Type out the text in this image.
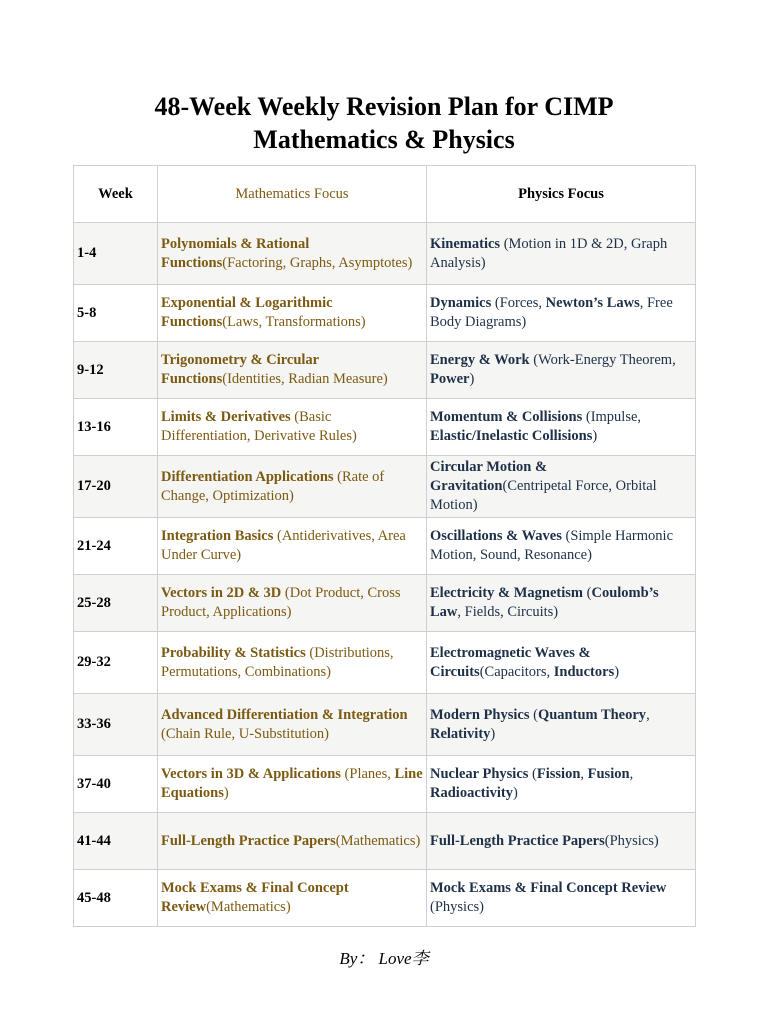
48-Week Weekly Revision Plan for CIMP
Mathematics & Physics
Week	Mathematics Focus	Physics Focus
1-4	Polynomials & Rational Functions(Factoring, Graphs, Asymptotes)	Kinematics (Motion in 1D & 2D, Graph Analysis)
5-8	Exponential & Logarithmic Functions(Laws, Transformations)	Dynamics (Forces, Newton’s Laws, Free Body Diagrams)
9-12	Trigonometry & Circular Functions(Identities, Radian Measure)	Energy & Work (Work-Energy Theorem, Power)
13-16	Limits & Derivatives (Basic Differentiation, Derivative Rules)	Momentum & Collisions (Impulse, Elastic/Inelastic Collisions)
17-20	Differentiation Applications (Rate of Change, Optimization)	Circular Motion & Gravitation(Centripetal Force, Orbital Motion)
21-24	Integration Basics (Antiderivatives, Area Under Curve)	Oscillations & Waves (Simple Harmonic Motion, Sound, Resonance)
25-28	Vectors in 2D & 3D (Dot Product, Cross Product, Applications)	Electricity & Magnetism (Coulomb’s Law, Fields, Circuits)
29-32	Probability & Statistics (Distributions, Permutations, Combinations)	Electromagnetic Waves & Circuits(Capacitors, Inductors)
33-36	Advanced Differentiation & Integration (Chain Rule, U-Substitution)	Modern Physics (Quantum Theory, Relativity)
37-40	Vectors in 3D & Applications (Planes, Line Equations)	Nuclear Physics (Fission, Fusion, Radioactivity)
41-44	Full-Length Practice Papers(Mathematics)	Full-Length Practice Papers(Physics)
45-48	Mock Exams & Final Concept Review(Mathematics)	Mock Exams & Final Concept Review (Physics)
By： Love李
